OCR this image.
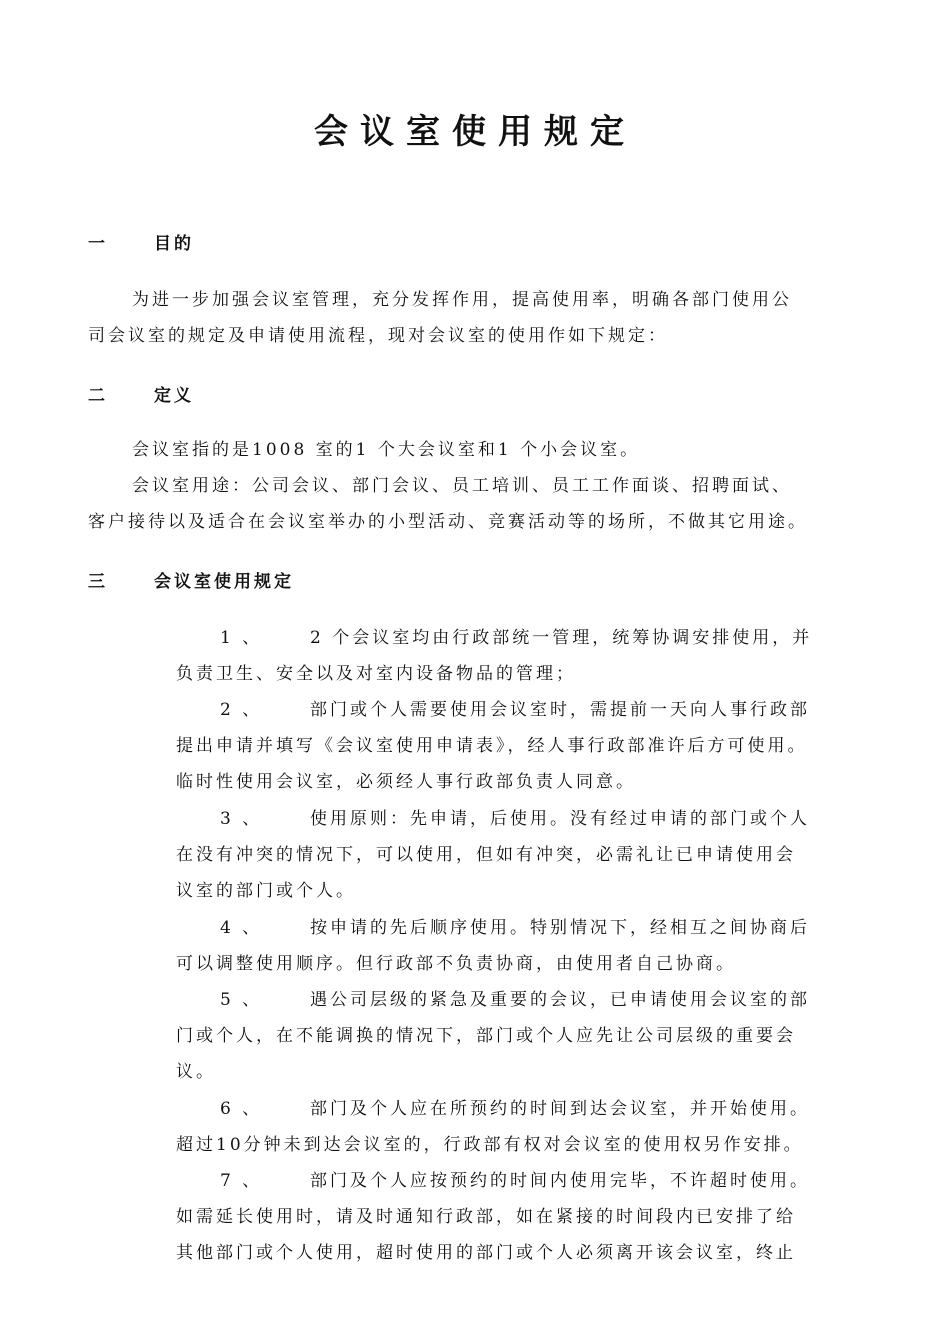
会议室使用规定
一	目的
为进一步加强会议室管理，充分发挥作用，提高使用率，明确各部门使用公
司会议室的规定及申请使用流程，现对会议室的使用作如下规定：
二	定义
会议室指的是1008 室的1 个大会议室和1 个小会议室。
会议室用途：公司会议、部门会议、员工培训、员工工作面谈、招聘面试、
客户接待以及适合在会议室举办的小型活动、竞赛活动等的场所，不做其它用途。
三	会议室使用规定
1 、	2 个会议室均由行政部统一管理，统筹协调安排使用，并
负责卫生、安全以及对室内设备物品的管理；
2 、	部门或个人需要使用会议室时，需提前一天向人事行政部
提出申请并填写《会议室使用申请表》，经人事行政部准许后方可使用。
临时性使用会议室，必须经人事行政部负责人同意。
3 、	使用原则：先申请，后使用。没有经过申请的部门或个人
在没有冲突的情况下，可以使用，但如有冲突，必需礼让已申请使用会
议室的部门或个人。
4 、	按申请的先后顺序使用。特别情况下，经相互之间协商后
可以调整使用顺序。但行政部不负责协商，由使用者自己协商。
5 、	遇公司层级的紧急及重要的会议，已申请使用会议室的部
门或个人，在不能调换的情况下，部门或个人应先让公司层级的重要会
议。
6 、	部门及个人应在所预约的时间到达会议室，并开始使用。
超过10分钟未到达会议室的，行政部有权对会议室的使用权另作安排。
7 、	部门及个人应按预约的时间内使用完毕，不许超时使用。
如需延长使用时，请及时通知行政部，如在紧接的时间段内已安排了给
其他部门或个人使用，超时使用的部门或个人必须离开该会议室，终止
